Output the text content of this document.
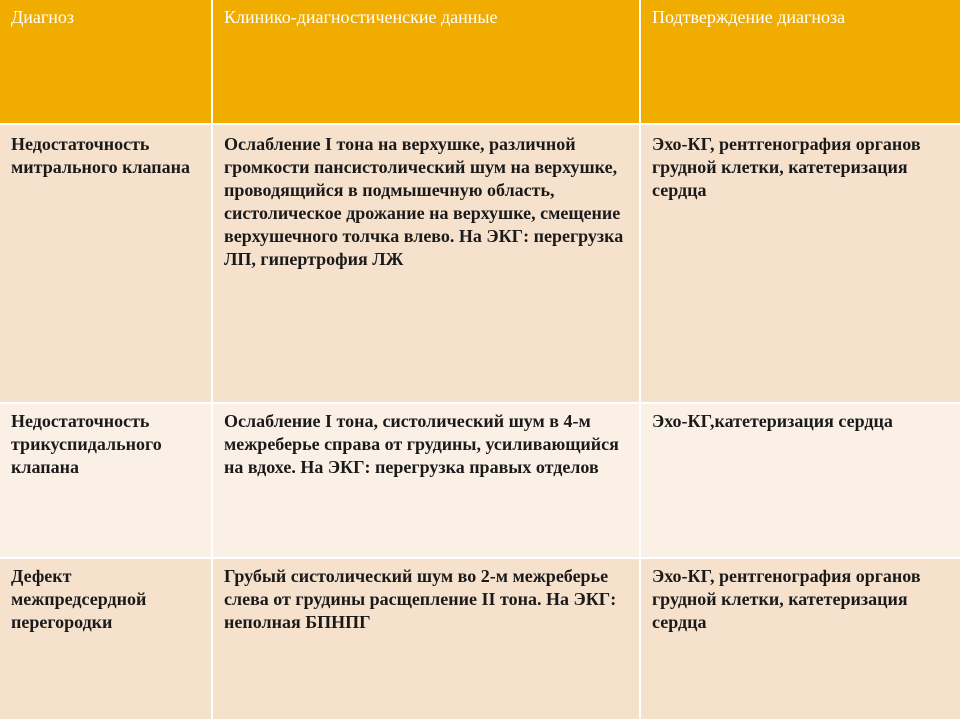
Диагноз	Клинико-диагностиченские данные	Подтверждение диагноза

Недостаточность митрального клапана	Ослабление I тона на верхушке, различной громкости пансистолический шум на верхушке, проводящийся в подмышечную область, систолическое дрожание на верхушке, смещение верхушечного толчка влево. На ЭКГ: перегрузка ЛП, гипертрофия ЛЖ	Эхо-КГ, рентгенография органов грудной клетки, катетеризация сердца

Недостаточность трикуспидального клапана	Ослабление I тона, систолический шум в 4-м межреберье справа от грудины, усиливающийся на вдохе. На ЭКГ: перегрузка правых отделов	Эхо-КГ,катетеризация сердца

Дефект межпредсердной перегородки	Грубый систолический шум во 2-м межреберье слева от грудины расщепление II тона. На ЭКГ: неполная БПНПГ	Эхо-КГ, рентгенография органов грудной клетки, катетеризация сердца
